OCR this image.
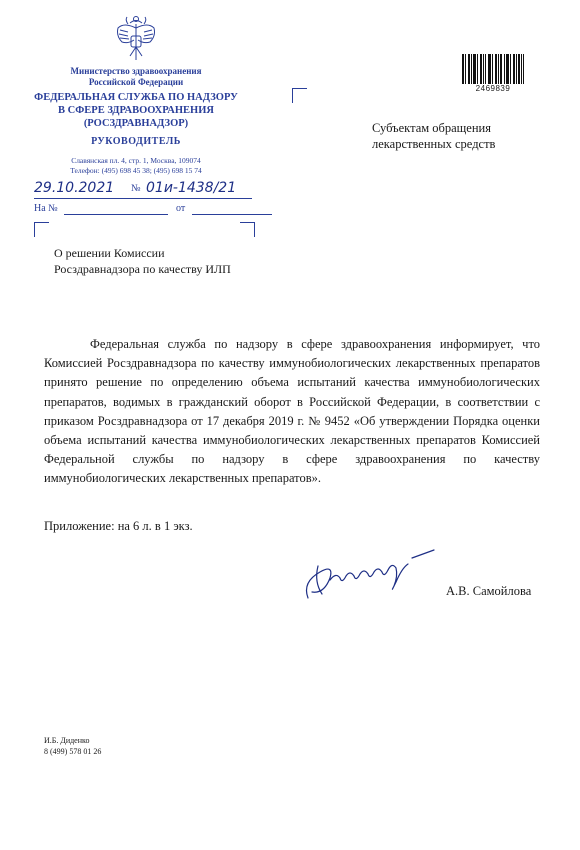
Министерство здравоохранения
Российской Федерации
ФЕДЕРАЛЬНАЯ СЛУЖБА ПО НАДЗОРУ
В СФЕРЕ ЗДРАВООХРАНЕНИЯ
(РОСЗДРАВНАДЗОР)
РУКОВОДИТЕЛЬ
Славянская пл. 4, стр. 1, Москва, 109074
Телефон: (495) 698 45 38; (495) 698 15 74
29.10.2021 № 01и-1438/21
На №	от
О решении Комиссии
Росздравнадзора по качеству ИЛП
2469839
Субъектам обращения
лекарственных средств

Федеральная служба по надзору в сфере здравоохранения информирует, что Комиссией Росздравнадзора по качеству иммунобиологических лекарственных препаратов принято решение по определению объема испытаний качества иммунобиологических препаратов, водимых в гражданский оборот в Российской Федерации, в соответствии с приказом Росздравнадзора от 17 декабря 2019 г. № 9452 «Об утверждении Порядка оценки объема испытаний качества иммунобиологических лекарственных препаратов Комиссией Федеральной службы по надзору в сфере здравоохранения по качеству иммунобиологических лекарственных препаратов».

Приложение: на 6 л. в 1 экз.
А.В. Самойлова
И.Б. Диденко
8 (499) 578 01 26
